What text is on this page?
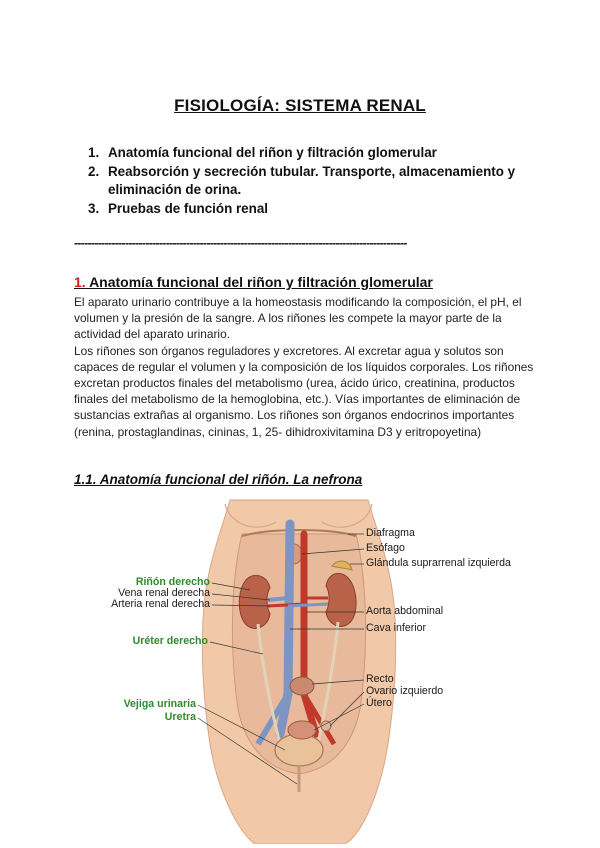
FISIOLOGÍA: SISTEMA RENAL
1. Anatomía funcional del riñon y filtración glomerular
2. Reabsorción y secreción tubular. Transporte, almacenamiento y eliminación de orina.
3. Pruebas de función renal
--------------------------------------------------------------------------------------------------
1. Anatomía funcional del riñon y filtración glomerular

El aparato urinario contribuye a la homeostasis modificando la composición, el pH, el volumen y la presión de la sangre. A los riñones les compete la mayor parte de la actividad del aparato urinario.

Los riñones son órganos reguladores y excretores. Al excretar agua y solutos son capaces de regular el volumen y la composición de los líquidos corporales. Los riñones excretan productos finales del metabolismo (urea, ácido úrico, creatinina, productos finales del metabolismo de la hemoglobina, etc.). Vías importantes de eliminación de sustancias extrañas al organismo. Los riñones son órganos endocrinos importantes (renina, prostaglandinas, cininas, 1, 25- dihidroxivitamina D3 y eritropoyetina)

1.1. Anatomía funcional del riñón. La nefrona
Riñón derecho
Vena renal derecha
Arteria renal derecha
Uréter derecho
Vejiga urinaria
Uretra
Diafragma
Esófago
Glándula suprarrenal izquierda
Aorta abdominal
Cava inferior
Recto
Ovario izquierdo
Útero
